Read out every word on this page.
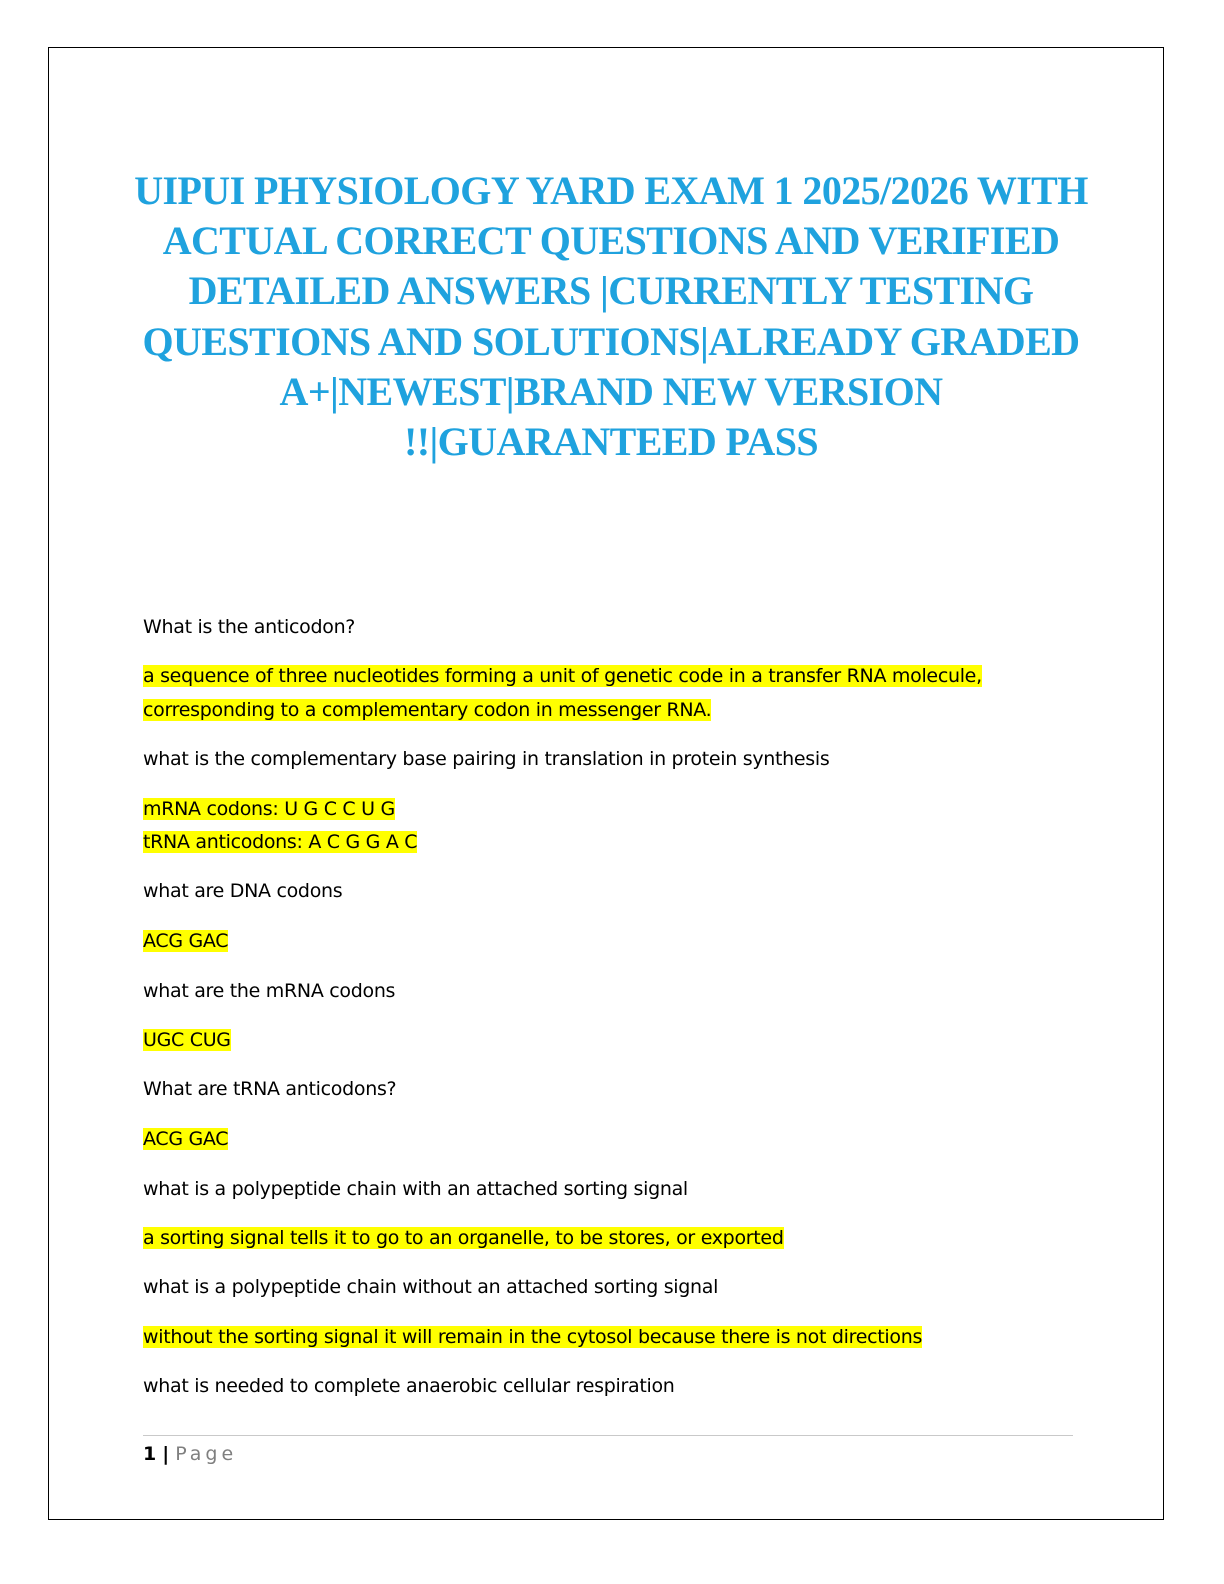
UIPUI PHYSIOLOGY YARD EXAM 1 2025/2026 WITH ACTUAL CORRECT QUESTIONS AND VERIFIED DETAILED ANSWERS |CURRENTLY TESTING QUESTIONS AND SOLUTIONS|ALREADY GRADED A+|NEWEST|BRAND NEW VERSION !!|GUARANTEED PASS
What is the anticodon?
a sequence of three nucleotides forming a unit of genetic code in a transfer RNA molecule,
corresponding to a complementary codon in messenger RNA.
what is the complementary base pairing in translation in protein synthesis
mRNA codons: U G C C U G
tRNA anticodons: A C G G A C
what are DNA codons
ACG GAC
what are the mRNA codons
UGC CUG
What are tRNA anticodons?
ACG GAC
what is a polypeptide chain with an attached sorting signal
a sorting signal tells it to go to an organelle, to be stores, or exported
what is a polypeptide chain without an attached sorting signal
without the sorting signal it will remain in the cytosol because there is not directions
what is needed to complete anaerobic cellular respiration
1 | Page
